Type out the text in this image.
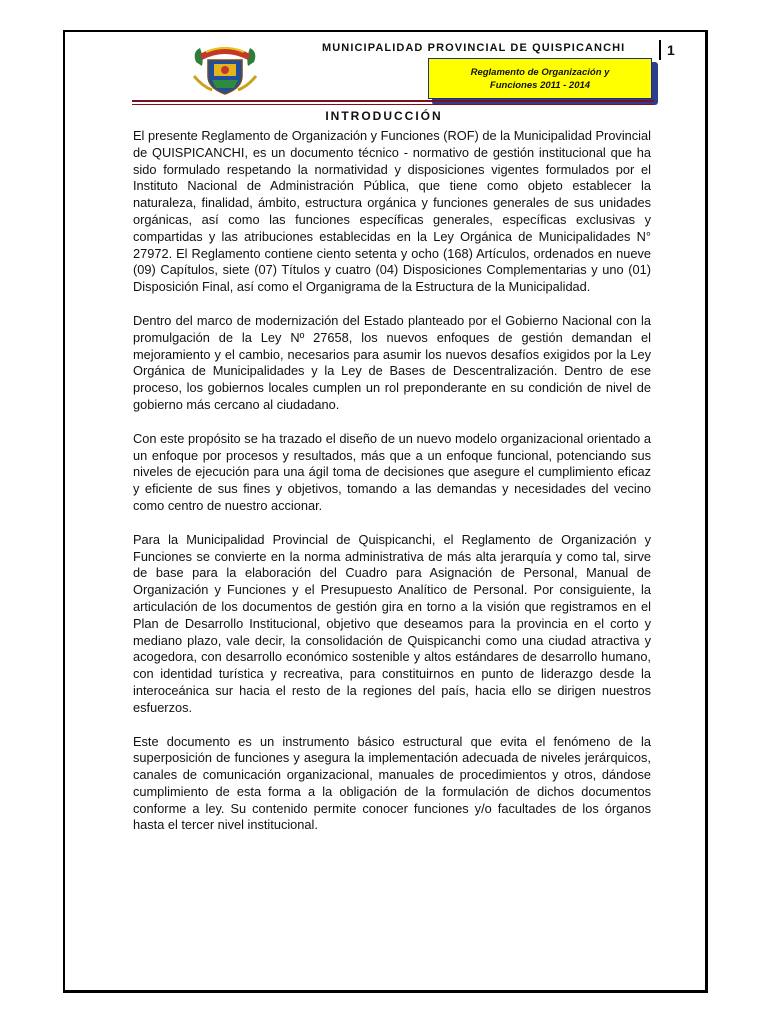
MUNICIPALIDAD PROVINCIAL DE QUISPICANCHI	1
Reglamento de Organización y
Funciones 2011 - 2014
INTRODUCCIÓN

El presente Reglamento de Organización y Funciones (ROF) de la Municipalidad Provincial de QUISPICANCHI, es un documento técnico - normativo de gestión institucional que ha sido formulado respetando la normatividad y disposiciones vigentes formulados por el Instituto Nacional de Administración Pública, que tiene como objeto establecer la naturaleza, finalidad, ámbito, estructura orgánica y funciones generales de sus unidades orgánicas, así como las funciones específicas generales, específicas exclusivas y compartidas y las atribuciones establecidas en la Ley Orgánica de Municipalidades N° 27972. El Reglamento contiene ciento setenta y ocho (168) Artículos, ordenados en nueve (09) Capítulos, siete (07) Títulos y cuatro (04) Disposiciones Complementarias y uno (01) Disposición Final, así como el Organigrama de la Estructura de la Municipalidad.

Dentro del marco de modernización del Estado planteado por el Gobierno Nacional con la promulgación de la Ley Nº 27658, los nuevos enfoques de gestión demandan el mejoramiento y el cambio, necesarios para asumir los nuevos desafíos exigidos por la Ley Orgánica de Municipalidades y la Ley de Bases de Descentralización. Dentro de ese proceso, los gobiernos locales cumplen un rol preponderante en su condición de nivel de gobierno más cercano al ciudadano.

Con este propósito se ha trazado el diseño de un nuevo modelo organizacional orientado a un enfoque por procesos y resultados, más que a un enfoque funcional, potenciando sus niveles de ejecución para una ágil toma de decisiones que asegure el cumplimiento eficaz y eficiente de sus fines y objetivos, tomando a las demandas y necesidades del vecino como centro de nuestro accionar.

Para la Municipalidad Provincial de Quispicanchi, el Reglamento de Organización y Funciones se convierte en la norma administrativa de más alta jerarquía y como tal, sirve de base para la elaboración del Cuadro para Asignación de Personal, Manual de Organización y Funciones y el Presupuesto Analítico de Personal. Por consiguiente, la articulación de los documentos de gestión gira en torno a la visión que registramos en el Plan de Desarrollo Institucional, objetivo que deseamos para la provincia en el corto y mediano plazo, vale decir, la consolidación de Quispicanchi como una ciudad atractiva y acogedora, con desarrollo económico sostenible y altos estándares de desarrollo humano, con identidad turística y recreativa, para constituirnos en punto de liderazgo desde la interoceánica sur hacia el resto de la regiones del país, hacia ello se dirigen nuestros esfuerzos.

Este documento es un instrumento básico estructural que evita el fenómeno de la superposición de funciones y asegura la implementación adecuada de niveles jerárquicos, canales de comunicación organizacional, manuales de procedimientos y otros, dándose cumplimiento de esta forma a la obligación de la formulación de dichos documentos conforme a ley. Su contenido permite conocer funciones y/o facultades de los órganos hasta el tercer nivel institucional.
